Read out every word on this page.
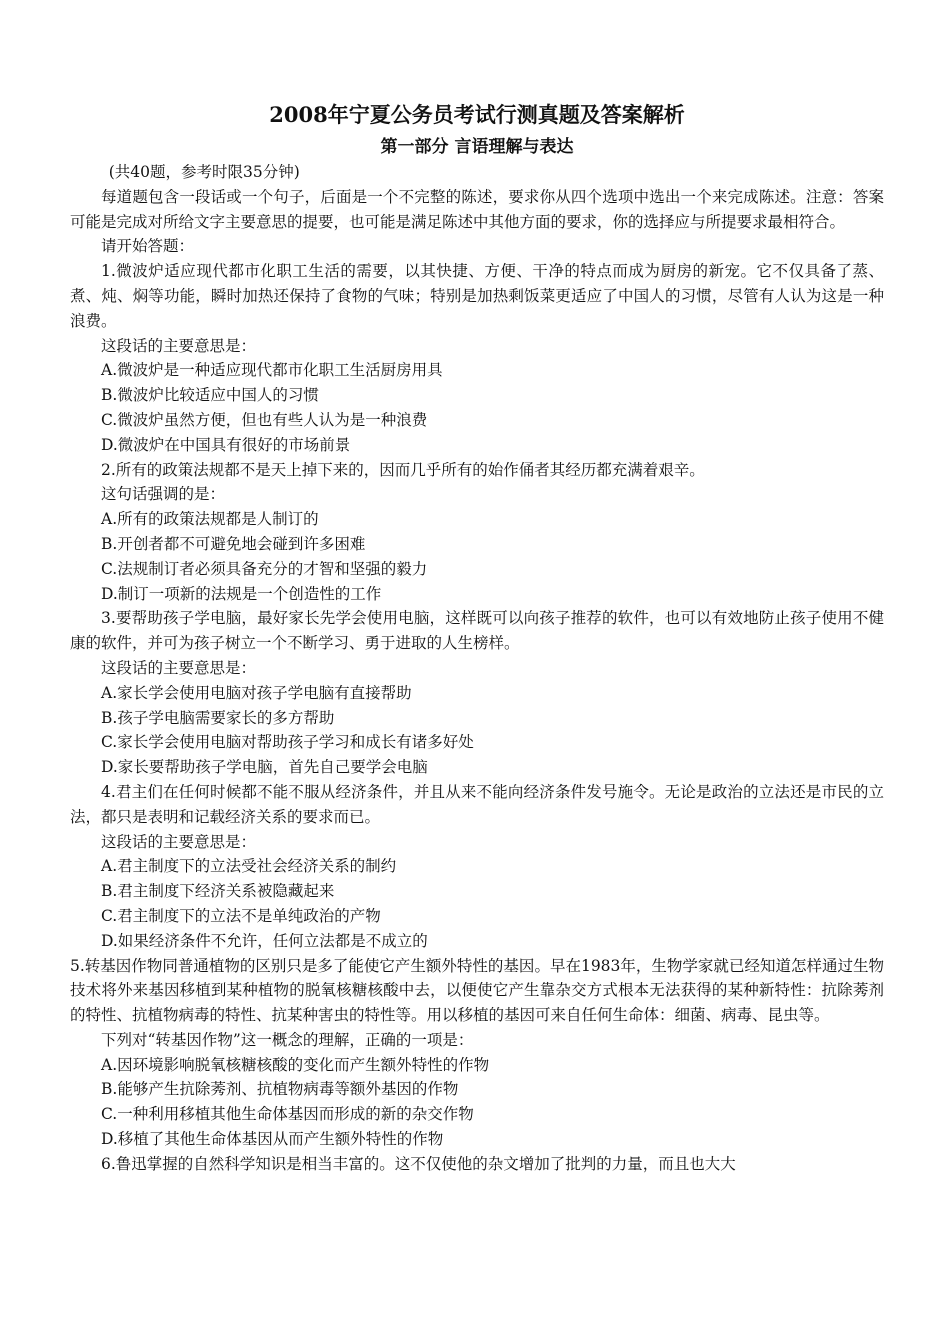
2008年宁夏公务员考试行测真题及答案解析
第一部分 言语理解与表达

(共40题，参考时限35分钟)

每道题包含一段话或一个句子，后面是一个不完整的陈述，要求你从四个选项中选出一个来完成陈述。注意：答案可能是完成对所给文字主要意思的提要，也可能是满足陈述中其他方面的要求，你的选择应与所提要求最相符合。

请开始答题：

1.微波炉适应现代都市化职工生活的需要，以其快捷、方便、干净的特点而成为厨房的新宠。它不仅具备了蒸、煮、炖、焖等功能，瞬时加热还保持了食物的气味；特别是加热剩饭菜更适应了中国人的习惯，尽管有人认为这是一种浪费。

这段话的主要意思是：

A.微波炉是一种适应现代都市化职工生活厨房用具

B.微波炉比较适应中国人的习惯

C.微波炉虽然方便，但也有些人认为是一种浪费

D.微波炉在中国具有很好的市场前景

2.所有的政策法规都不是天上掉下来的，因而几乎所有的始作俑者其经历都充满着艰辛。

这句话强调的是：

A.所有的政策法规都是人制订的

B.开创者都不可避免地会碰到许多困难

C.法规制订者必须具备充分的才智和坚强的毅力

D.制订一项新的法规是一个创造性的工作

3.要帮助孩子学电脑，最好家长先学会使用电脑，这样既可以向孩子推荐的软件，也可以有效地防止孩子使用不健康的软件，并可为孩子树立一个不断学习、勇于进取的人生榜样。

这段话的主要意思是：

A.家长学会使用电脑对孩子学电脑有直接帮助

B.孩子学电脑需要家长的多方帮助

C.家长学会使用电脑对帮助孩子学习和成长有诸多好处

D.家长要帮助孩子学电脑，首先自己要学会电脑

4.君主们在任何时候都不能不服从经济条件，并且从来不能向经济条件发号施令。无论是政治的立法还是市民的立法，都只是表明和记载经济关系的要求而已。

这段话的主要意思是：

A.君主制度下的立法受社会经济关系的制约

B.君主制度下经济关系被隐藏起来

C.君主制度下的立法不是单纯政治的产物

D.如果经济条件不允许，任何立法都是不成立的

5.转基因作物同普通植物的区别只是多了能使它产生额外特性的基因。早在1983年，生物学家就已经知道怎样通过生物技术将外来基因移植到某种植物的脱氧核糖核酸中去，以便使它产生靠杂交方式根本无法获得的某种新特性：抗除莠剂的特性、抗植物病毒的特性、抗某种害虫的特性等。用以移植的基因可来自任何生命体：细菌、病毒、昆虫等。

下列对“转基因作物”这一概念的理解，正确的一项是：

A.因环境影响脱氧核糖核酸的变化而产生额外特性的作物

B.能够产生抗除莠剂、抗植物病毒等额外基因的作物

C.一种利用移植其他生命体基因而形成的新的杂交作物

D.移植了其他生命体基因从而产生额外特性的作物

6.鲁迅掌握的自然科学知识是相当丰富的。这不仅使他的杂文增加了批判的力量，而且也大大
